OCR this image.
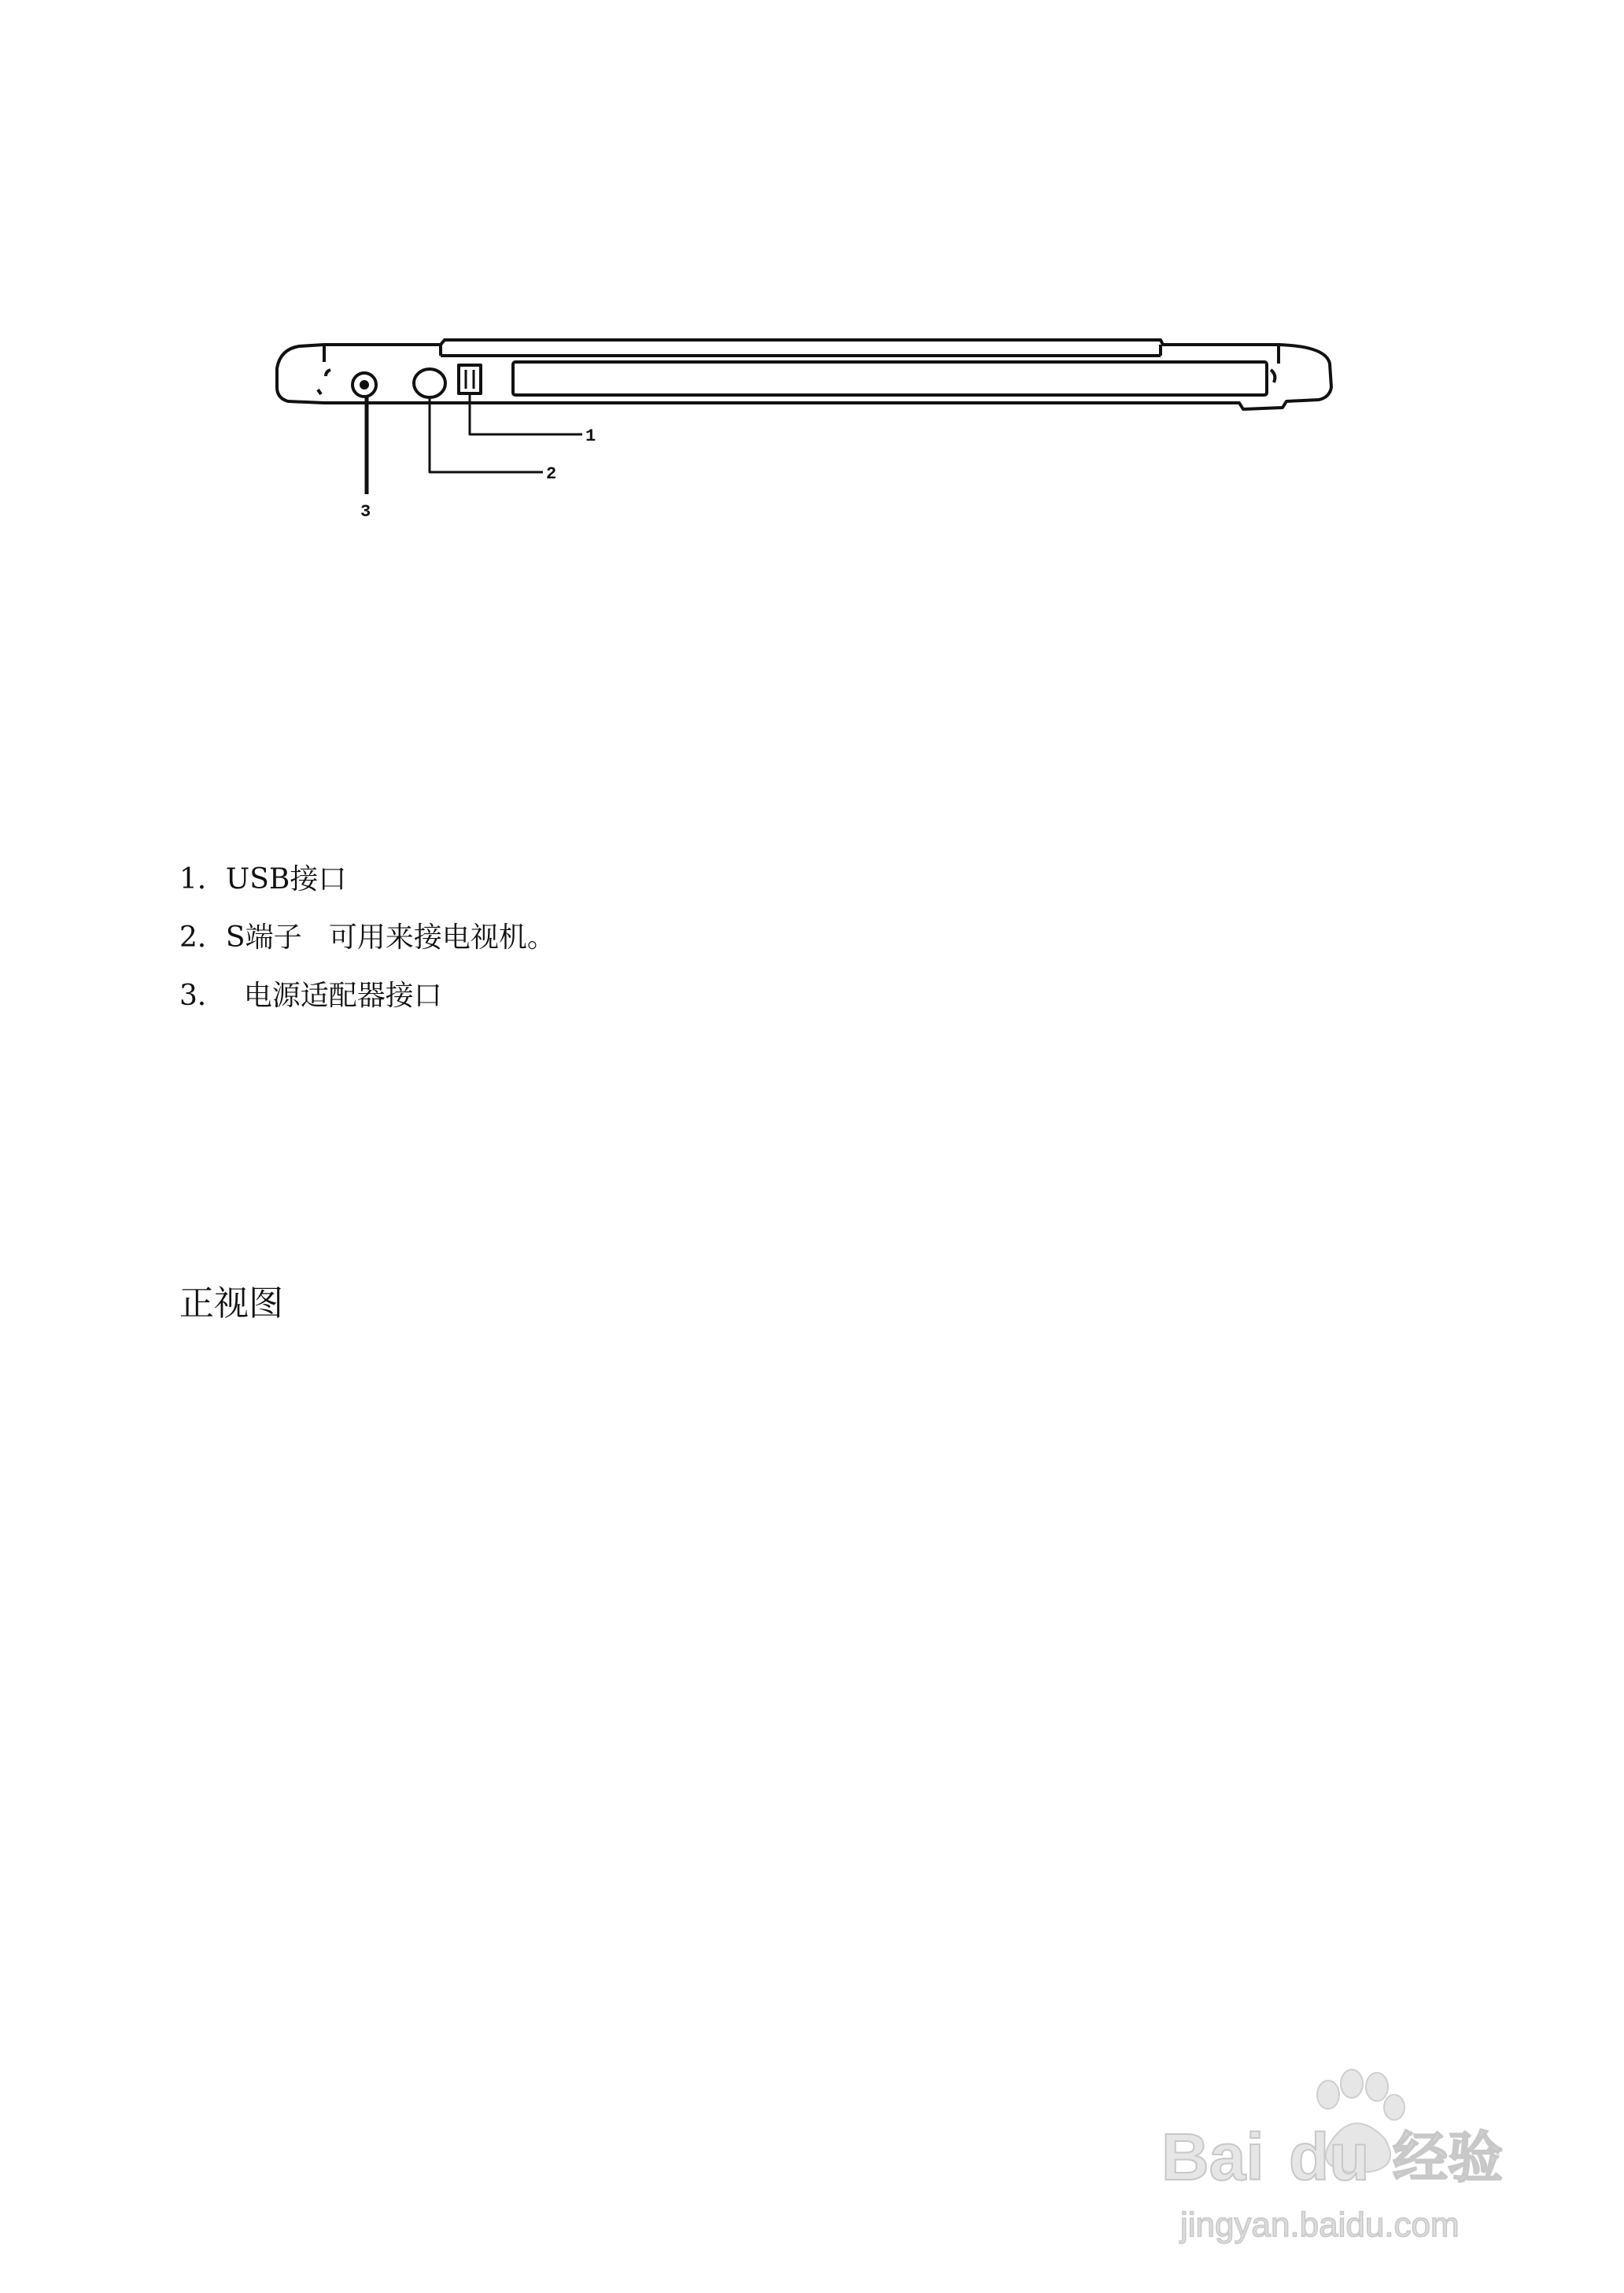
1
2
3
1．USB接口
2．S端子   可用来接电视机。
3．  电源适配器接口
正视图
Bai du 经验
jingyan.baidu.com
